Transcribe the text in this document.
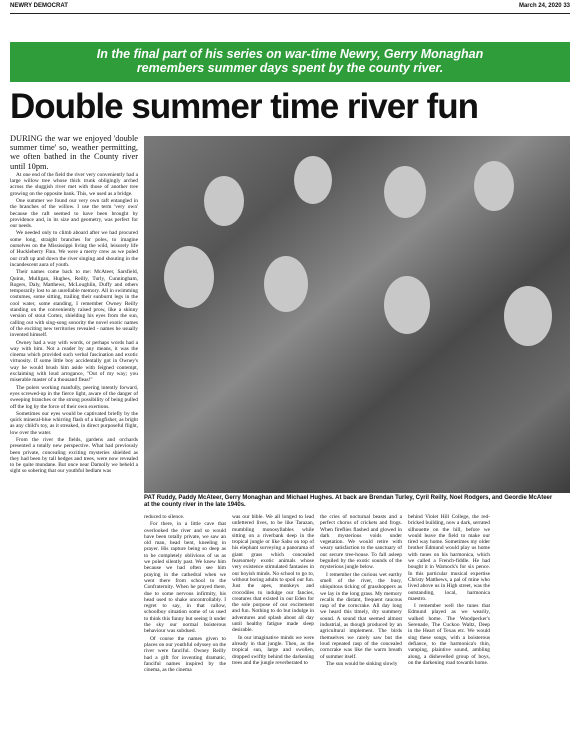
NEWRY DEMOCRAT	March 24, 2020 33
In the final part of his series on war-time Newry, Gerry Monaghan
remembers summer days spent by the county river.
Double summer time river fun

DURING the war we enjoyed 'double summer time' so, weather permitting, we often bathed in the County river until 10pm.

At one end of the field the river very conveniently had a large willow tree whose thick trunk obligingly arched across the sluggish river met with those of another tree growing on the opposite bank. This, we used as a bridge.

One summer we found our very own raft entangled in the branches of the willow. I use the term 'very own' because the raft seemed to have been brought by providence and, in its size and geometry, was perfect for our needs.

We needed only to climb aboard after we had procured some long, straight branches for poles, to imagine ourselves on the Mississippi living the wild, leisurely life of Huckleberry Finn. We were a merry crew as we poled our craft up and down the river singing and shouting in the incandescent aura of youth.

Their names come back to me: McAteer, Sarsfield, Quinn, Mulligan, Hughes, Reilly, Turly, Cunningham, Rogers, Daly, Matthews, McLoughlin, Duffy and others temporarily lost to an unreliable memory. All in swimming costumes, some sitting, trailing their sunburnt legs in the cool water, some standing, I remember Owney Reilly standing on the conveniently raised prow, like a skinny version of stout Cortez, shielding his eyes from the sun, calling out with sing-song sonority the novel exotic names of the exciting new territories revealed - names he usually invented himself.

Owney had a way with words, or perhaps words had a way with him. Not a reader by any means, it was the cinema which provided such verbal fascination and exotic virtuosity. If some little boy accidentally got in Owney's way he would brush him aside with feigned contempt, exclaiming with loud arrogance, "Out of my way; you miserable master of a thousand fleas!"

The polers working manfully, peering intently forward, eyes screwed-up in the fierce light, aware of the danger of sweeping branches or the strong possibility of being pulled off the log by the force of their own exertions.

Sometimes our eyes would be captivated briefly by the quick mineral-blue whirring flash of a kingfisher, as bright as any child's toy, as it streaked, in direct purposeful flight, low over the water.

From the river the fields, gardens and orchards presented a totally new perspective. What had previously been private, concealing exciting mysteries shielded as they had been by tall hedges and trees, were now revealed to be quite mundane. But once near Damolly we beheld a sight so sobering that our youthful bedlam was

PAT Ruddy, Paddy McAteer, Gerry Monaghan and Michael Hughes. At back are Brendan Turley, Cyril Reilly, Noel Rodgers, and Geordie McAteer
at the county river in the late 1940s.

reduced to silence.

For there, in a little cave that overlooked the river and so would have been totally private, we saw an old man, head bent, kneeling in prayer. His rapture being so deep as to be completely oblivious of us as we poled silently past. We knew him because we had often see him praying in the cathedral when we went there from school to the Confraternity. When he prayed there, due to some nervous infirmity, his head used to shake uncontrollably. I regret to say, in that callow, schoolboy situation some of us used to think this funny but seeing it under the sky our normal boisterous behaviour was subdued.

Of course the names given to places on our youthful odyssey on the river were fanciful. Owney Reilly had a gift for inventing dramatic, fanciful names inspired by the cinema, as the cinema

was our bible. We all longed to lead unfettered lives, to be like Tarazan, mumbling monosyllables while sitting on a riverbank deep in the tropical jungle or like Sabu on top of his elephant surveying a panorama of giant grass which concealed fearsomely exotic animals whose very existence stimulated fantasies in our boyish minds. No school to go to, without boring adults to spoil our fun. Just the apes, monkeys and crocodiles to indulge our fancies, creatures that existed in our Eden for the sole purpose of our excitement and fun. Nothing to do but indulge in adventures and splash about all day until healthy fatigue made sleep desirable.

In our imaginative minds we were already in that jungle. Then, as the tropical sun, large and swollen, dropped swiftly behind the darkening trees and the jungle reverberated to

the cries of nocturnal beasts and a perfect chorus of crickets and frogs. When fireflies flashed and glowed in dark mysterious voids under vegetation. We would retire with weary satisfaction to the sanctuary of our secure tree-house. To fall asleep beguiled by the exotic sounds of the mysterious jungle below.

I remember the curious wet earthy smell of the river, the busy, ubiquitous ticking of grasshoppers as we lay in the long grass. My memory recalls the distant, frequent raucous rasp of the corncrake. All day long we heard this timely, dry summery sound. A sound that seemed almost industrial, as though produced by an agricultural implement. The birds themselves we rarely saw but the loud repeated rasp of the concealed corncrake was like the warm breath of summer itself.

The sun would be sinking slowly

behind Violet Hill College, the red-bricked building, now a dark, serrated silhouette on the hill, before we would leave the field to make our tired way home. Sometimes my older brother Edmund would play us home with tunes on his harmonica, which we called a French-fiddle. He had bought it in Warnock's for six pence. In this particular musical expertise Christy Matthews, a pal of mine who lived above us in High street, was the outstanding, local, harmonica maestro.

I remember well the tunes that Edmund played as we wearily, walked home. The Woodpecker's Serenade, The Cuckoo Waltz, Deep in the Heart of Texas etc. We would sing these songs, with a boisterous defiance, to the harmonica's thin, vamping, plaintive sound, ambling along, a dishevelled group of boys, on the darkening road towards home.
